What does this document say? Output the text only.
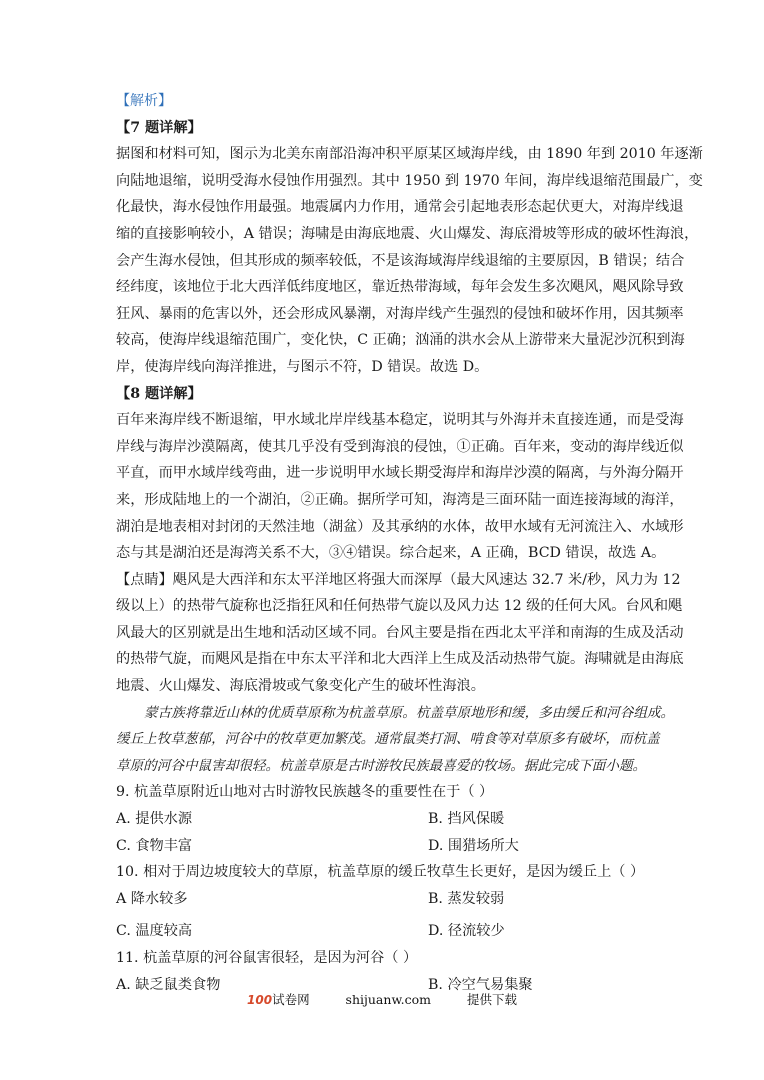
【解析】
【7 题详解】
据图和材料可知，图示为北美东南部沿海冲积平原某区域海岸线，由 1890 年到 2010 年逐渐
向陆地退缩，说明受海水侵蚀作用强烈。其中 1950 到 1970 年间，海岸线退缩范围最广，变
化最快，海水侵蚀作用最强。地震属内力作用，通常会引起地表形态起伏更大，对海岸线退
缩的直接影响较小，A 错误；海啸是由海底地震、火山爆发、海底滑坡等形成的破坏性海浪，
会产生海水侵蚀，但其形成的频率较低，不是该海域海岸线退缩的主要原因，B 错误；结合
经纬度，该地位于北大西洋低纬度地区，靠近热带海域，每年会发生多次飓风，飓风除导致
狂风、暴雨的危害以外，还会形成风暴潮，对海岸线产生强烈的侵蚀和破坏作用，因其频率
较高，使海岸线退缩范围广，变化快，C 正确；汹涌的洪水会从上游带来大量泥沙沉积到海
岸，使海岸线向海洋推进，与图示不符，D 错误。故选 D。
【8 题详解】
百年来海岸线不断退缩，甲水域北岸岸线基本稳定，说明其与外海并未直接连通，而是受海
岸线与海岸沙漠隔离，使其几乎没有受到海浪的侵蚀，①正确。百年来，变动的海岸线近似
平直，而甲水域岸线弯曲，进一步说明甲水域长期受海岸和海岸沙漠的隔离，与外海分隔开
来，形成陆地上的一个湖泊，②正确。据所学可知，海湾是三面环陆一面连接海域的海洋，
湖泊是地表相对封闭的天然洼地（湖盆）及其承纳的水体，故甲水域有无河流注入、水域形
态与其是湖泊还是海湾关系不大，③④错误。综合起来，A 正确，BCD 错误，故选 A。
【点睛】飓风是大西洋和东太平洋地区将强大而深厚（最大风速达 32.7 米/秒，风力为 12
级以上）的热带气旋称也泛指狂风和任何热带气旋以及风力达 12 级的任何大风。台风和飓
风最大的区别就是出生地和活动区域不同。台风主要是指在西北太平洋和南海的生成及活动
的热带气旋，而飓风是指在中东太平洋和北大西洋上生成及活动热带气旋。海啸就是由海底
地震、火山爆发、海底滑坡或气象变化产生的破坏性海浪。
蒙古族将靠近山林的优质草原称为杭盖草原。杭盖草原地形和缓，多由缓丘和河谷组成。
缓丘上牧草葱郁，河谷中的牧草更加繁茂。通常鼠类打洞、啃食等对草原多有破坏，而杭盖
草原的河谷中鼠害却很轻。杭盖草原是古时游牧民族最喜爱的牧场。据此完成下面小题。
9. 杭盖草原附近山地对古时游牧民族越冬的重要性在于（ ）
A. 提供水源	B. 挡风保暖
C. 食物丰富	D. 围猎场所大
10. 相对于周边坡度较大的草原，杭盖草原的缓丘牧草生长更好，是因为缓丘上（ ）
A 降水较多	B. 蒸发较弱
C. 温度较高	D. 径流较少
11. 杭盖草原的河谷鼠害很轻，是因为河谷（ ）
A. 缺乏鼠类食物	B. 冷空气易集聚
100试卷网	shijuanw.com	提供下载
